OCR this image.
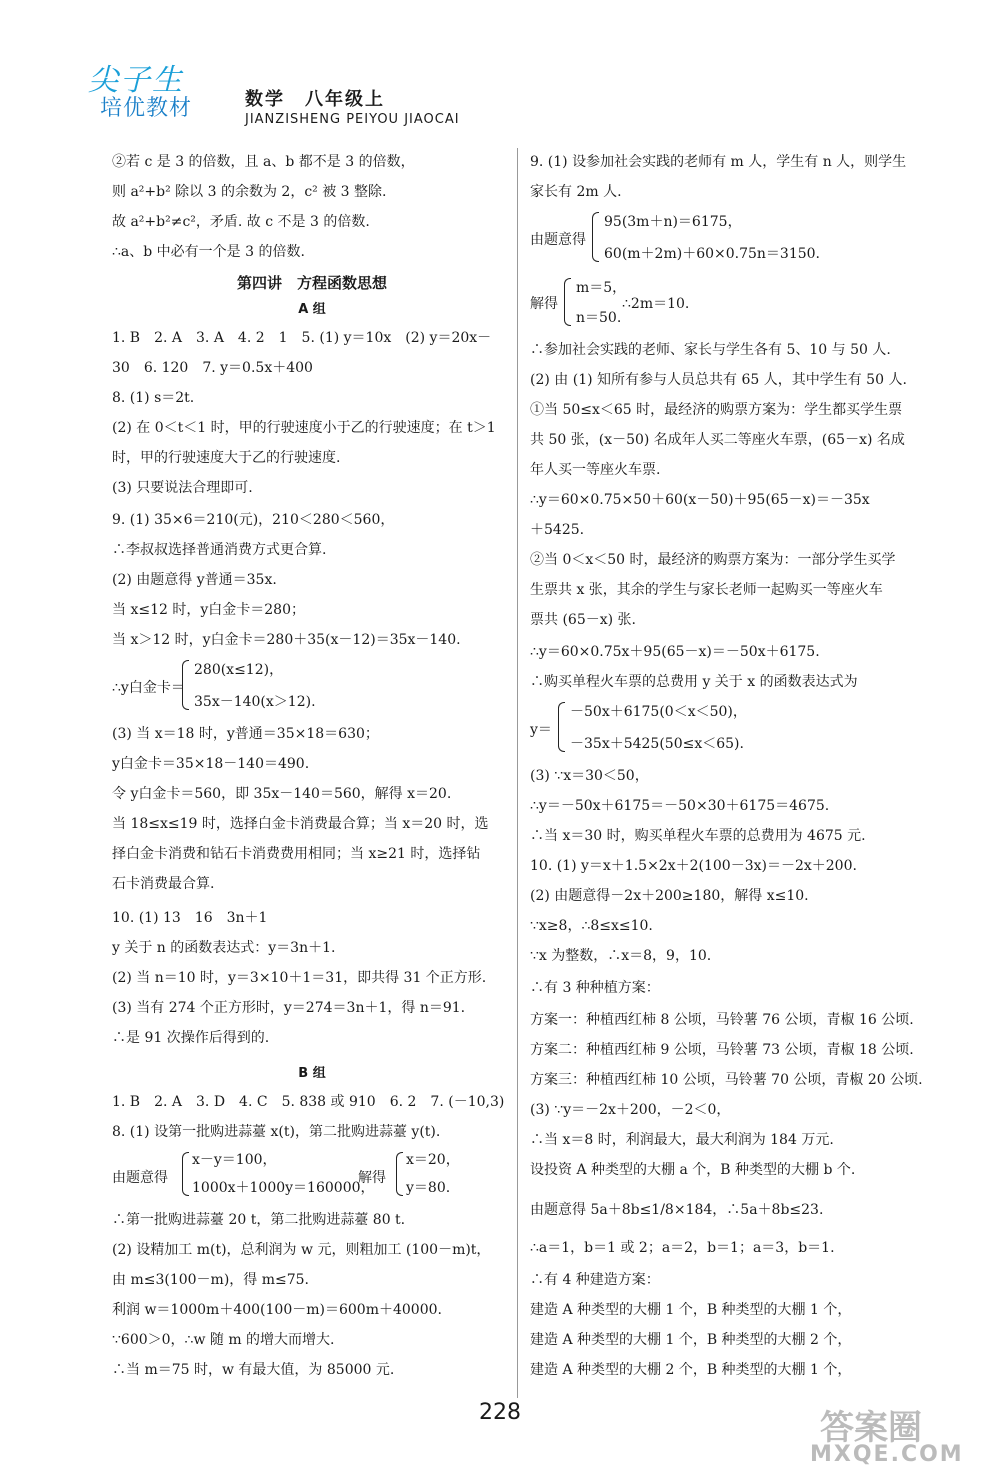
尖子生
培优教材	数学　八年级上
JIANZISHENG PEIYOU JIAOCAI
②若 c 是 3 的倍数，且 a、b 都不是 3 的倍数，
则 a²+b² 除以 3 的余数为 2，c² 被 3 整除.
故 a²+b²≠c²，矛盾. 故 c 不是 3 的倍数.
∴a、b 中必有一个是 3 的倍数.
第四讲　方程函数思想
A 组
1. B　2. A　3. A　4. 2　1　5. (1) y＝10x　(2) y＝20x－
30　6. 120　7. y＝0.5x＋400
8. (1) s＝2t.
(2) 在 0＜t＜1 时，甲的行驶速度小于乙的行驶速度；在 t＞1
时，甲的行驶速度大于乙的行驶速度.
(3) 只要说法合理即可.
9. (1) 35×6＝210(元)，210＜280＜560，
∴李叔叔选择普通消费方式更合算.
(2) 由题意得 y普通＝35x.
当 x≤12 时，y白金卡＝280；
当 x＞12 时，y白金卡＝280＋35(x－12)＝35x－140.
∴y白金卡＝
280(x≤12)，
35x－140(x＞12).
(3) 当 x＝18 时，y普通＝35×18＝630；
y白金卡＝35×18－140＝490.
令 y白金卡＝560，即 35x－140＝560，解得 x＝20.
当 18≤x≤19 时，选择白金卡消费最合算；当 x＝20 时，选
择白金卡消费和钻石卡消费费用相同；当 x≥21 时，选择钻
石卡消费最合算.
10. (1) 13　16　3n＋1
y 关于 n 的函数表达式：y＝3n＋1.
(2) 当 n＝10 时，y＝3×10＋1＝31，即共得 31 个正方形.
(3) 当有 274 个正方形时，y＝274＝3n＋1，得 n＝91.
∴是 91 次操作后得到的.
B 组
1. B　2. A　3. D　4. C　5. 838 或 910　6. 2　7. (－10,3)
8. (1) 设第一批购进蒜薹 x(t)，第二批购进蒜薹 y(t).
由题意得
x－y＝100，
1000x＋1000y＝160000，
解得
x＝20，
y＝80.
∴第一批购进蒜薹 20 t，第二批购进蒜薹 80 t.
(2) 设精加工 m(t)，总利润为 w 元，则粗加工 (100－m)t，
由 m≤3(100－m)，得 m≤75.
利润 w＝1000m＋400(100－m)＝600m＋40000.
∵600＞0，∴w 随 m 的增大而增大.
∴当 m＝75 时，w 有最大值，为 85000 元.
9. (1) 设参加社会实践的老师有 m 人，学生有 n 人，则学生
家长有 2m 人.
由题意得
95(3m＋n)＝6175，
60(m＋2m)＋60×0.75n＝3150.
解得
m＝5，
n＝50.
∴2m＝10.
∴参加社会实践的老师、家长与学生各有 5、10 与 50 人.
(2) 由 (1) 知所有参与人员总共有 65 人，其中学生有 50 人.
①当 50≤x＜65 时，最经济的购票方案为：学生都买学生票
共 50 张，(x－50) 名成年人买二等座火车票，(65－x) 名成
年人买一等座火车票.
∴y＝60×0.75×50＋60(x－50)＋95(65－x)＝－35x
＋5425.
②当 0＜x＜50 时，最经济的购票方案为：一部分学生买学
生票共 x 张，其余的学生与家长老师一起购买一等座火车
票共 (65－x) 张.
∴y＝60×0.75x＋95(65－x)＝－50x＋6175.
∴购买单程火车票的总费用 y 关于 x 的函数表达式为
y＝
－50x＋6175(0＜x＜50)，
－35x＋5425(50≤x＜65).
(3) ∵x＝30＜50，
∴y＝－50x＋6175＝－50×30＋6175＝4675.
∴当 x＝30 时，购买单程火车票的总费用为 4675 元.
10. (1) y＝x＋1.5×2x＋2(100－3x)＝－2x＋200.
(2) 由题意得－2x＋200≥180，解得 x≤10.
∵x≥8，∴8≤x≤10.
∵x 为整数，∴x＝8，9，10.
∴有 3 种种植方案：
方案一：种植西红柿 8 公顷，马铃薯 76 公顷，青椒 16 公顷.
方案二：种植西红柿 9 公顷，马铃薯 73 公顷，青椒 18 公顷.
方案三：种植西红柿 10 公顷，马铃薯 70 公顷，青椒 20 公顷.
(3) ∵y＝－2x＋200，－2＜0，
∴当 x＝8 时，利润最大，最大利润为 184 万元.
设投资 A 种类型的大棚 a 个，B 种类型的大棚 b 个.
由题意得 5a＋8b≤1/8×184，∴5a＋8b≤23.
∴a＝1，b＝1 或 2；a＝2，b＝1；a＝3，b＝1.
∴有 4 种建造方案：
建造 A 种类型的大棚 1 个，B 种类型的大棚 1 个，
建造 A 种类型的大棚 1 个，B 种类型的大棚 2 个，
建造 A 种类型的大棚 2 个，B 种类型的大棚 1 个，
228	答案圈
MXQE.COM
